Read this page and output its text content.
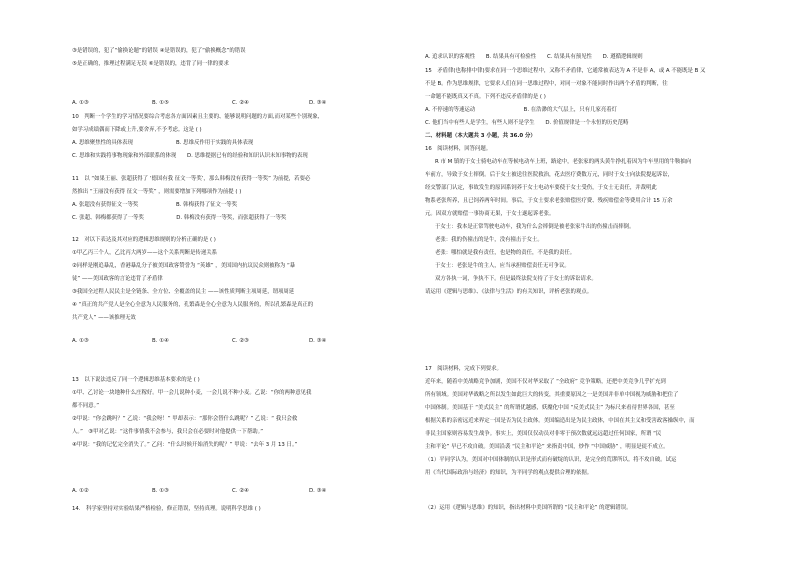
③是错误的，犯了“偷换论题”的错误 ④是错误的，犯了“偷换概念”的错误
⑤是正确的，推理过程满足无误 ⑥是错误的，违背了同一律的要求
A. ①③	B. ①⑤	C. ②④	D. ③④
10　判断一个学生的学习情况要综合考虑各方面因素且主要的、能够说明问题的方面,而对某些个别现象,
如学习成绩偶而下降或上升,要舍弃,不予考虑。这是 ( )
A. 思维聚焦性的具体表现　　　　　　　　B. 思维反作用于实践的具体表现
C. 思维和实践将事物现象和外部联系的体现　　D. 思维提据已有的经验和知识认识未知事物的表现
11　以 “如果王丽、张超获得了 ‘德国有我 征文一等奖’，那么韩梅没有获得一等奖” 为前提，若要必
然推出 “王丽没有获得 征文一等奖” ，则需要增加下列哪项作为前提 ( )
A. 张超没有获得征文一等奖　　　　　　　B. 韩梅获得了征文一等奖
C. 张超、韩梅都获得了一等奖　　　　　　D. 韩梅没有获得一等奖，而张超获得了一等奖
12　对以下表达及其对应的逻辑思维规则的分析正确的是 ( )
①甲乙丙三个人，乙比丙大两岁——这个关系判断是传递关系
②同样是刚追暴乱，香港暴乱分子被美国政客赞誉为 “英雄” ，美国国内抗议民众则被称为 “暴
徒” ——美国政客的言论违背了矛盾律
③我国全过程人民民主是全链条、全方位、全覆盖的民主 ——该性质判断主项周延，谓项周延
④ “真正的共产党人是全心全意为人民服务的，孔繁森是全心全意为人民服务的，所以孔繁森是真正的
共产党人” ——该推理无效
A. ①③	B. ①④	C. ②③	D. ③④
13　以下说法违反了同一个逻辑思维基本要求的是 ( )
①甲、乙讨论一块地种什么庄稼好。甲一会儿说种小麦，一会儿说不种小麦。乙说：“你的两种意见我
都不同意。”
②甲说：“你会跳吗？” 乙说：“我会呀！” 甲却表示：“那你会替什么跳呢？” 乙说：“ 我只会救
人。”　③甲对乙说：“这件事情我不会参与，我只会在必要时对他提供一下帮助。”
④甲说：“我的记忆完全消失了。” 乙问：“什么时候开始消失的呢？” 甲说：“去年 3 月 13 日。”
A. ①②	B. ①③	C. ②④	D. ③④
14.　科学家坚持对实验结果严格检验，修正错误，坚持真理。说明科学思维 ( )
A. 追求认识的客观性　　B. 结果具有可检验性　　C. 结果具有预见性　　D. 遵循逻辑规则
15　矛盾律(也称排中律)要求在同一个思维过程中，又称不矛盾律，它通常被表达为 A 不是非 A，或 A 不能既是 B 又
不是 B。作为思维规律，它要求人们在同一思维过程中，对同一对象不能同时作出两个矛盾的判断，往
一命题不能既真又不真。下列不违反矛盾律的是 ( )
A. 不停速的等速运动　　　　　　　　　B. 在浩渺的大气层上，只有几家亮着灯
C. 他们当中有些人是学生，有些人则不是学生　　D. 价值规律是一个永恒的历史范畴
二、材料题（本大题共 3 小题，共 36.0 分）
16　阅读材料，回答问题。
R 市 M 镇的于女士骑电动车在等候电动车上班，路途中，老张家的两头黄牛挣扎着因为牛车里用的牛鞍抽向
车前方，导致于女士摔倒。后于女士被送往医院救治，花去医疗费数万元，同时于女士向法院提起诉讼，
经交警部门认定，事故发生的原因系饲养于女士电动车要使于女士受伤，于女士无责任，并裁明此
物系老张所养，且已饲养两年时间。事后，于女士要求老张赔偿医疗费、残疾赔偿金等费用合计 15 万余
元。因双方就赔偿一事协商无果，于女士遂起诉老张。
于女士：我本是正常驾驶电动车，我为什么会摔倒是被老张家牛出的伤撞击而摔倒。
老张：我的伤撞击的是牛，没有撞击于女士。
老张：哪怕就是我有责任，也是物的责任，不是我的责任。
于女士：老张是牛的主人，应当承担赔偿责任无可争议。
双方各执一词，争执不下。但是最终法院支持了于女士的诉讼请求。
请运用《逻辑与思维》、《法律与生活》的有关知识，评析老张的观点。
17　阅读材料，完成下列要求。
近年来，随着中美战略竞争加剧，美国不仅对华采取了 “全政府” 竞争策略，还把中美竞争几乎扩充到
所有领域。美国对华战略之所以发生如此巨大的转变，其重要原因之一是美国并非单中国视为威胁和把住了
中国体制。美国基于 “美式民主” 的所谓优越感，妖魔化中国 “反美式民主” 为标尺来看待世界各国，甚至
根据关系的亲密远近来界定一国是否为民主政体。美国编造出是为民主政体，中国在其主义和受害政客操纵中，而
非民主国家则容易发生战争。事实上，美国仅仅动员对非零于预次数就远远超过任何国家，所谓 “民
主和平论” 早已不攻自破。美国沿袭 “民主和平论” 来指责中国，炒作 “中国威胁” ，明显是徒不成立。
（1）平同学认为，美国对中国体制的认识是形式而有破绽的认识，是完全的荒谬所以。将不攻自破。试运
用《当代国际政治与经济》的知识，为平同学的观点提供合理的依据。
（2）运用《逻辑与思维》的知识，指出材料中美国所谓的 “民主和平论” 的逻辑错误。
